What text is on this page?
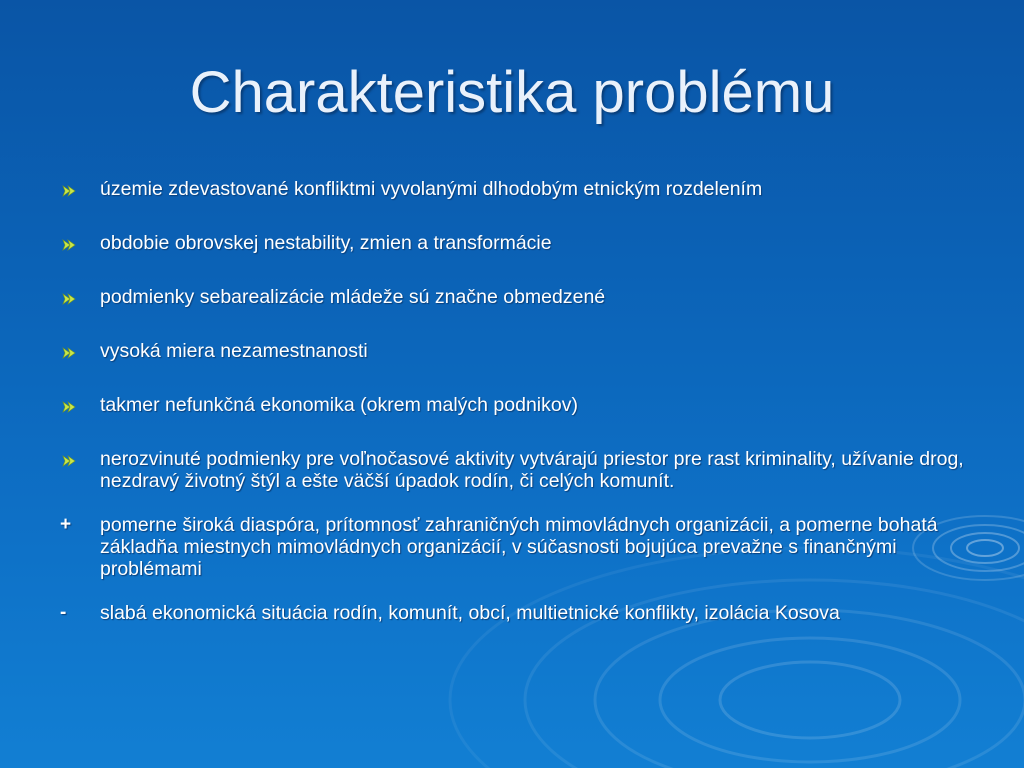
Charakteristika problému
územie zdevastované konfliktmi vyvolanými dlhodobým etnickým rozdelením
obdobie obrovskej nestability, zmien a transformácie
podmienky sebarealizácie mládeže sú značne obmedzené
vysoká miera nezamestnanosti
takmer nefunkčná ekonomika (okrem malých podnikov)
nerozvinuté podmienky pre voľnočasové aktivity vytvárajú priestor pre rast kriminality, užívanie drog, nezdravý životný štýl a ešte väčší úpadok rodín, či celých komunít.
+ pomerne široká diaspóra, prítomnosť zahraničných mimovládnych organizácii, a pomerne bohatá základňa miestnych mimovládnych organizácií, v súčasnosti bojujúca prevažne s finančnými problémami
- slabá ekonomická situácia rodín, komunít, obcí, multietnické konflikty, izolácia Kosova
